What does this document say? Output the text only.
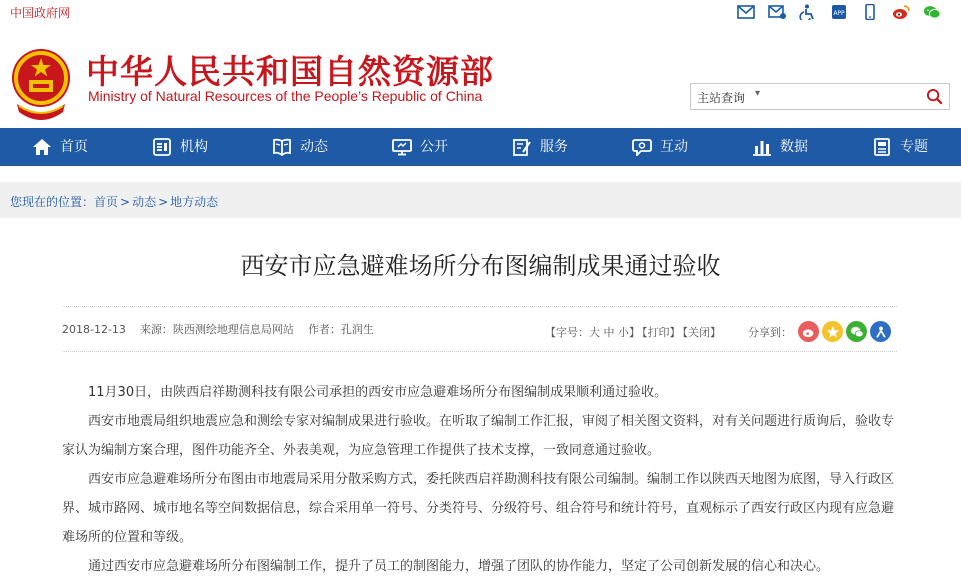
中国政府网	APP
中华人民共和国自然资源部
Ministry of Natural Resources of the People’s Republic of China	主站查询 ▾
首页	机构	动态	公开	服务	互动	数据	专题
您现在的位置：首页 > 动态 > 地方动态
西安市应急避难场所分布图编制成果通过验收
2018-12-13 来源：陕西测绘地理信息局网站 作者：孔润生	【字号：大 中 小】 【打印】 【关闭】 分享到：

11月30日，由陕西启祥勘测科技有限公司承担的西安市应急避难场所分布图编制成果顺利通过验收。

西安市地震局组织地震应急和测绘专家对编制成果进行验收。在听取了编制工作汇报，审阅了相关图文资料，对有关问题进行质询后，验收专家认为编制方案合理，图件功能齐全、外表美观，为应急管理工作提供了技术支撑，一致同意通过验收。

西安市应急避难场所分布图由市地震局采用分散采购方式，委托陕西启祥勘测科技有限公司编制。编制工作以陕西天地图为底图，导入行政区界、城市路网、城市地名等空间数据信息，综合采用单一符号、分类符号、分级符号、组合符号和统计符号，直观标示了西安行政区内现有应急避难场所的位置和等级。

通过西安市应急避难场所分布图编制工作，提升了员工的制图能力，增强了团队的协作能力，坚定了公司创新发展的信心和决心。
